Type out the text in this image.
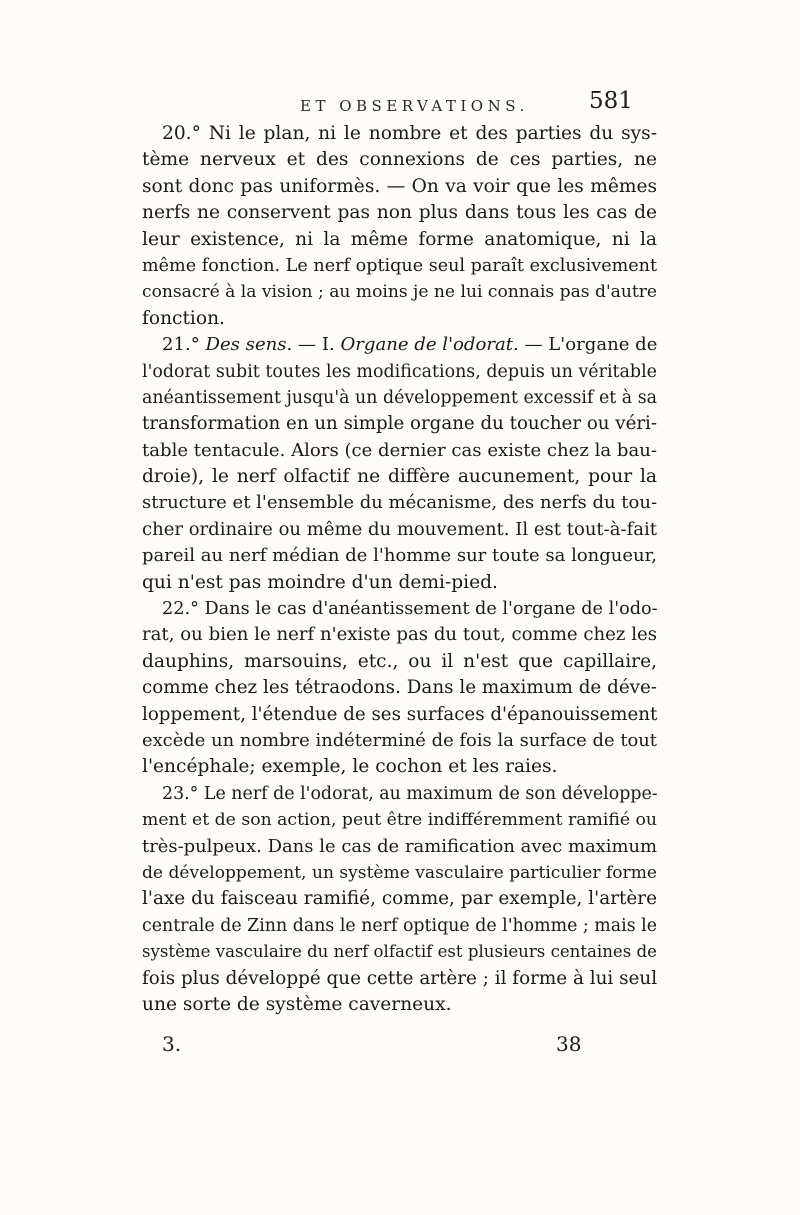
ET OBSERVATIONS.	581
20.° Ni le plan, ni le nombre et des parties du sys-
tème nerveux et des connexions de ces parties, ne
sont donc pas uniformès. — On va voir que les mêmes
nerfs ne conservent pas non plus dans tous les cas de
leur existence, ni la même forme anatomique, ni la
même fonction. Le nerf optique seul paraît exclusivement
consacré à la vision ; au moins je ne lui connais pas d'autre
fonction.
21.° Des sens. — I. Organe de l'odorat. — L'organe de
l'odorat subit toutes les modifications, depuis un véritable
anéantissement jusqu'à un développement excessif et à sa
transformation en un simple organe du toucher ou véri-
table tentacule. Alors (ce dernier cas existe chez la bau-
droie), le nerf olfactif ne diffère aucunement, pour la
structure et l'ensemble du mécanisme, des nerfs du tou-
cher ordinaire ou même du mouvement. Il est tout-à-fait
pareil au nerf médian de l'homme sur toute sa longueur,
qui n'est pas moindre d'un demi-pied.
22.° Dans le cas d'anéantissement de l'organe de l'odo-
rat, ou bien le nerf n'existe pas du tout, comme chez les
dauphins, marsouins, etc., ou il n'est que capillaire,
comme chez les tétraodons. Dans le maximum de déve-
loppement, l'étendue de ses surfaces d'épanouissement
excède un nombre indéterminé de fois la surface de tout
l'encéphale; exemple, le cochon et les raies.
23.° Le nerf de l'odorat, au maximum de son développe-
ment et de son action, peut être indifféremment ramifié ou
très-pulpeux. Dans le cas de ramification avec maximum
de développement, un système vasculaire particulier forme
l'axe du faisceau ramifié, comme, par exemple, l'artère
centrale de Zinn dans le nerf optique de l'homme ; mais le
système vasculaire du nerf olfactif est plusieurs centaines de
fois plus développé que cette artère ; il forme à lui seul
une sorte de système caverneux.
3.	38
